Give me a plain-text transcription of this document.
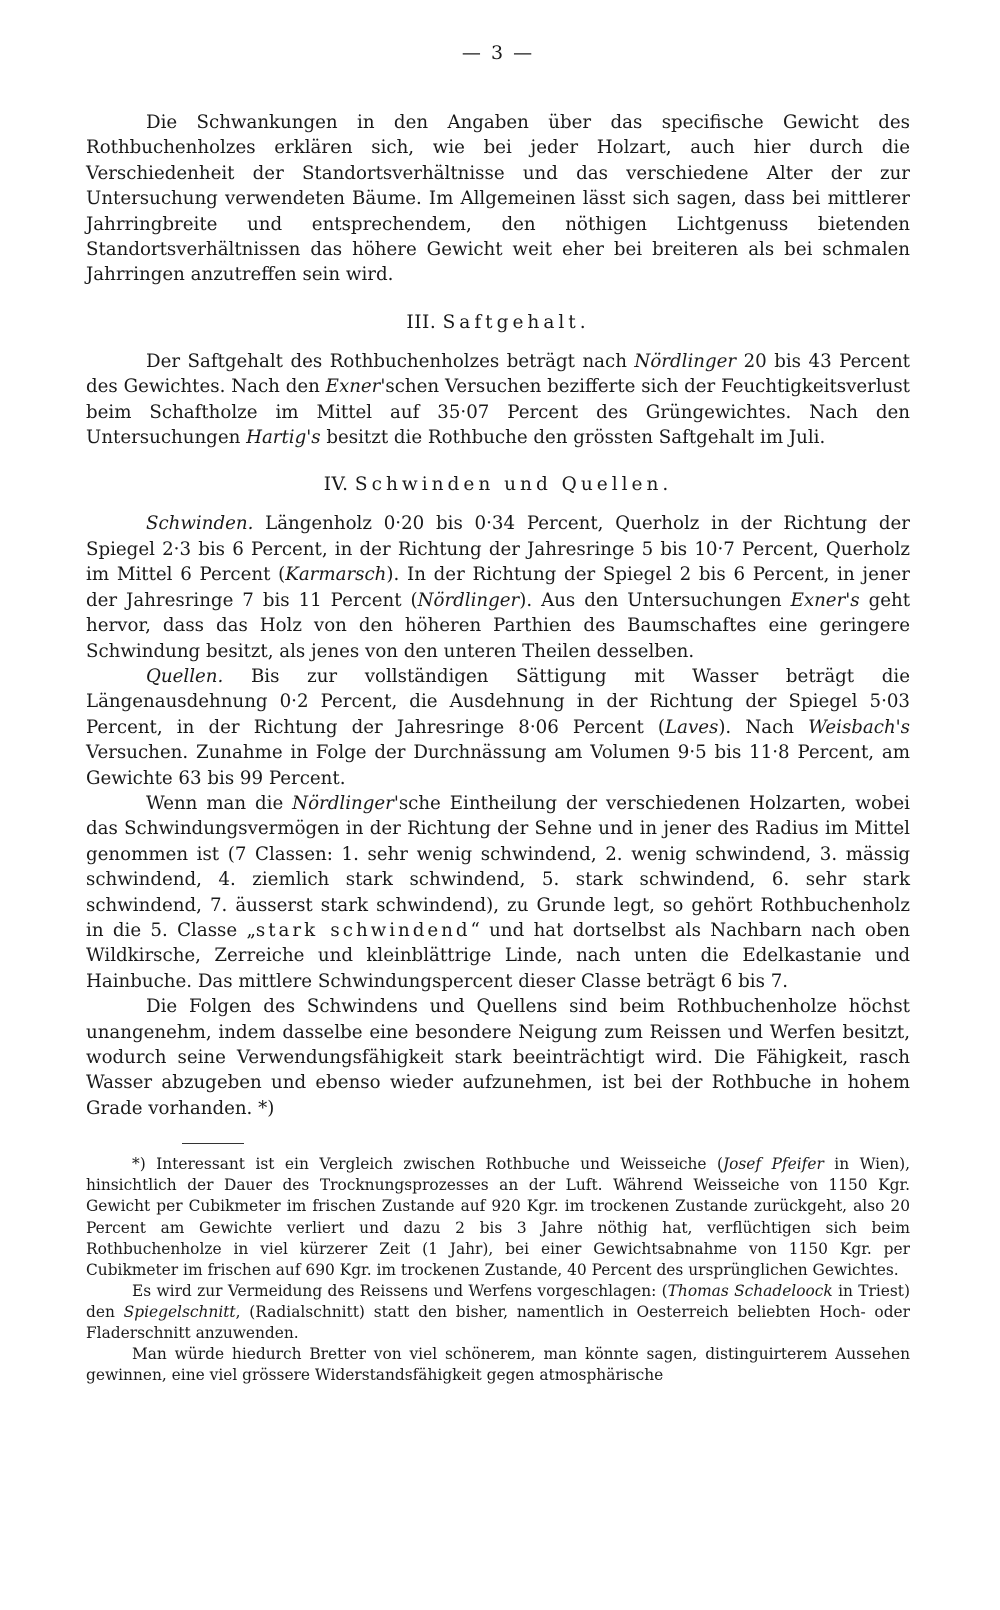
— 3 —

Die Schwankungen in den Angaben über das specifische Gewicht des Rothbuchenholzes erklären sich, wie bei jeder Holzart, auch hier durch die Verschiedenheit der Standortsverhältnisse und das verschiedene Alter der zur Untersuchung verwendeten Bäume. Im Allgemeinen lässt sich sagen, dass bei mittlerer Jahrringbreite und entsprechendem, den nöthigen Lichtgenuss bietenden Standortsverhältnissen das höhere Gewicht weit eher bei breiteren als bei schmalen Jahrringen anzutreffen sein wird.

III. Saftgehalt.

Der Saftgehalt des Rothbuchenholzes beträgt nach Nördlinger 20 bis 43 Percent des Gewichtes. Nach den Exner'schen Versuchen bezifferte sich der Feuchtigkeitsverlust beim Schaftholze im Mittel auf 35·07 Percent des Grüngewichtes. Nach den Untersuchungen Hartig's besitzt die Rothbuche den grössten Saftgehalt im Juli.

IV. Schwinden und Quellen.

Schwinden. Längenholz 0·20 bis 0·34 Percent, Querholz in der Richtung der Spiegel 2·3 bis 6 Percent, in der Richtung der Jahresringe 5 bis 10·7 Percent, Querholz im Mittel 6 Percent (Karmarsch). In der Richtung der Spiegel 2 bis 6 Percent, in jener der Jahresringe 7 bis 11 Percent (Nördlinger). Aus den Untersuchungen Exner's geht hervor, dass das Holz von den höheren Parthien des Baumschaftes eine geringere Schwindung besitzt, als jenes von den unteren Theilen desselben.

Quellen. Bis zur vollständigen Sättigung mit Wasser beträgt die Längenausdehnung 0·2 Percent, die Ausdehnung in der Richtung der Spiegel 5·03 Percent, in der Richtung der Jahresringe 8·06 Percent (Laves). Nach Weisbach's Versuchen. Zunahme in Folge der Durchnässung am Volumen 9·5 bis 11·8 Percent, am Gewichte 63 bis 99 Percent.

Wenn man die Nördlinger'sche Eintheilung der verschiedenen Holzarten, wobei das Schwindungsvermögen in der Richtung der Sehne und in jener des Radius im Mittel genommen ist (7 Classen: 1. sehr wenig schwindend, 2. wenig schwindend, 3. mässig schwindend, 4. ziemlich stark schwindend, 5. stark schwindend, 6. sehr stark schwindend, 7. äusserst stark schwindend), zu Grunde legt, so gehört Rothbuchenholz in die 5. Classe „stark schwindend“ und hat dortselbst als Nachbarn nach oben Wildkirsche, Zerreiche und kleinblättrige Linde, nach unten die Edelkastanie und Hainbuche. Das mittlere Schwindungspercent dieser Classe beträgt 6 bis 7.

Die Folgen des Schwindens und Quellens sind beim Rothbuchenholze höchst unangenehm, indem dasselbe eine besondere Neigung zum Reissen und Werfen besitzt, wodurch seine Verwendungsfähigkeit stark beeinträchtigt wird. Die Fähigkeit, rasch Wasser abzugeben und ebenso wieder aufzunehmen, ist bei der Rothbuche in hohem Grade vorhanden. *)

*) Interessant ist ein Vergleich zwischen Rothbuche und Weisseiche (Josef Pfeifer in Wien), hinsichtlich der Dauer des Trocknungsprozesses an der Luft. Während Weisseiche von 1150 Kgr. Gewicht per Cubikmeter im frischen Zustande auf 920 Kgr. im trockenen Zustande zurückgeht, also 20 Percent am Gewichte verliert und dazu 2 bis 3 Jahre nöthig hat, verflüchtigen sich beim Rothbuchenholze in viel kürzerer Zeit (1 Jahr), bei einer Gewichtsabnahme von 1150 Kgr. per Cubikmeter im frischen auf 690 Kgr. im trockenen Zustande, 40 Percent des ursprünglichen Gewichtes.

Es wird zur Vermeidung des Reissens und Werfens vorgeschlagen: (Thomas Schadeloock in Triest) den Spiegelschnitt, (Radialschnitt) statt den bisher, namentlich in Oesterreich beliebten Hoch- oder Fladerschnitt anzuwenden.

Man würde hiedurch Bretter von viel schönerem, man könnte sagen, distinguirterem Aussehen gewinnen, eine viel grössere Widerstandsfähigkeit gegen atmosphärische
